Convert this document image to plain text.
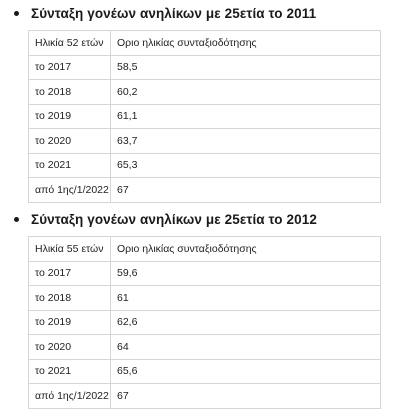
Σύνταξη γονέων ανηλίκων με 25ετία το 2011
Ηλικία 52 ετών	Οριο ηλικίας συνταξιοδότησης
το 2017	58,5
το 2018	60,2
το 2019	61,1
το 2020	63,7
το 2021	65,3
από 1ης/1/2022	67
Σύνταξη γονέων ανηλίκων με 25ετία το 2012
Ηλικία 55 ετών	Οριο ηλικίας συνταξιοδότησης
το 2017	59,6
το 2018	61
το 2019	62,6
το 2020	64
το 2021	65,6
από 1ης/1/2022	67
